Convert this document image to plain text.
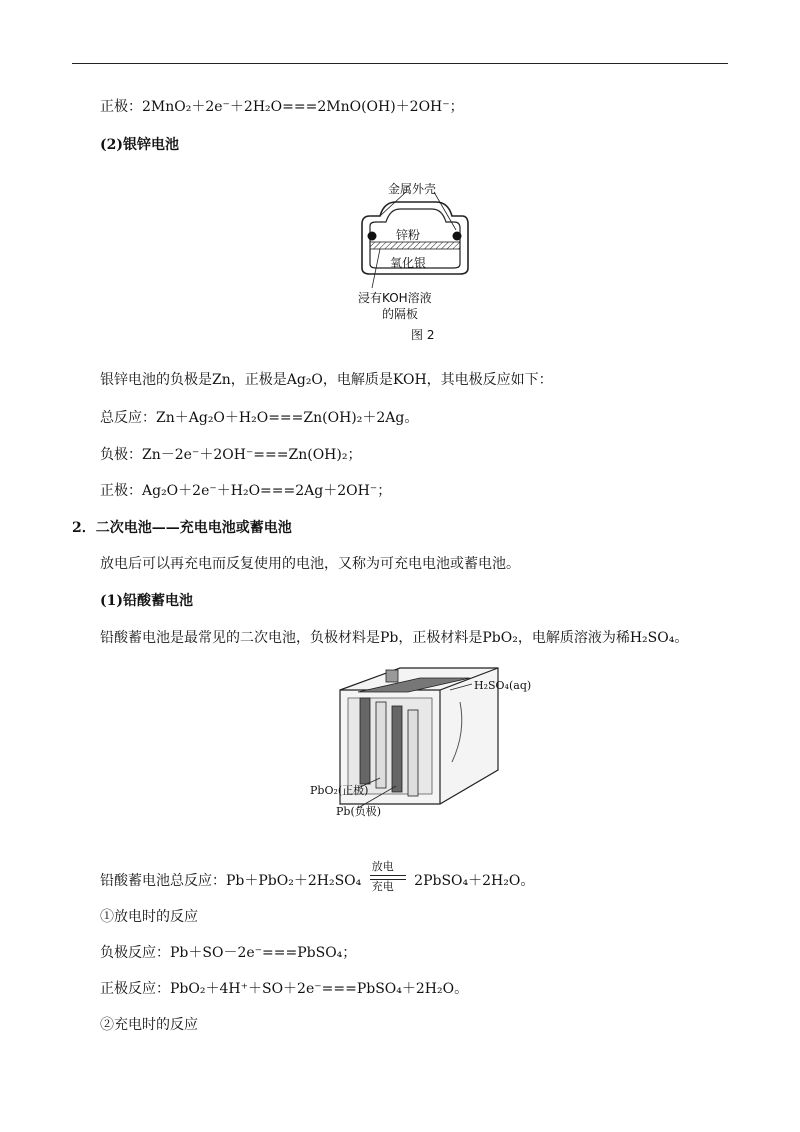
正极：2MnO₂＋2e⁻＋2H₂O===2MnO(OH)＋2OH⁻；
(2)银锌电池
金属外壳
锌粉
氧化银
浸有KOH溶液
的隔板
图 2
银锌电池的负极是Zn，正极是Ag₂O，电解质是KOH，其电极反应如下：
总反应：Zn＋Ag₂O＋H₂O===Zn(OH)₂＋2Ag。
负极：Zn－2e⁻＋2OH⁻===Zn(OH)₂；
正极：Ag₂O＋2e⁻＋H₂O===2Ag＋2OH⁻；
2．二次电池——充电电池或蓄电池
放电后可以再充电而反复使用的电池，又称为可充电电池或蓄电池。
(1)铅酸蓄电池
铅酸蓄电池是最常见的二次电池，负极材料是Pb，正极材料是PbO₂，电解质溶液为稀H₂SO₄。
H₂SO₄(aq)
PbO₂(正极)
Pb(负极)
铅酸蓄电池总反应：Pb＋PbO₂＋2H₂SO₄
放电
充电 2PbSO₄＋2H₂O。
①放电时的反应
负极反应：Pb＋SO－2e⁻===PbSO₄；
正极反应：PbO₂＋4H⁺＋SO＋2e⁻===PbSO₄＋2H₂O。
②充电时的反应
